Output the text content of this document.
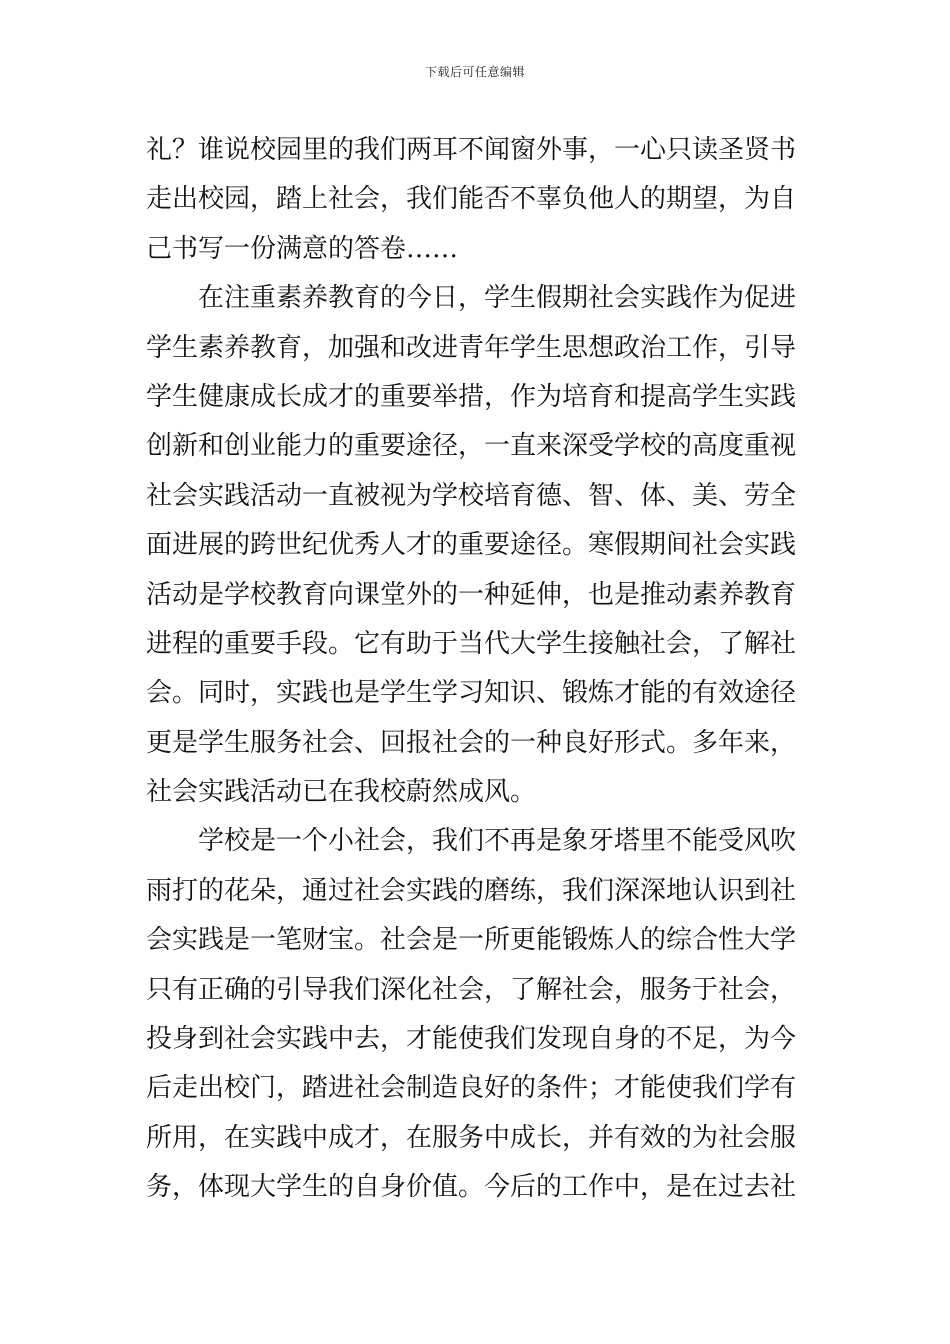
下载后可任意编辑
礼？谁说校园里的我们两耳不闻窗外事，一心只读圣贤书
走出校园，踏上社会，我们能否不辜负他人的期望，为自
己书写一份满意的答卷……
在注重素养教育的今日，学生假期社会实践作为促进
学生素养教育，加强和改进青年学生思想政治工作，引导
学生健康成长成才的重要举措，作为培育和提高学生实践
创新和创业能力的重要途径，一直来深受学校的高度重视
社会实践活动一直被视为学校培育德、智、体、美、劳全
面进展的跨世纪优秀人才的重要途径。寒假期间社会实践
活动是学校教育向课堂外的一种延伸，也是推动素养教育
进程的重要手段。它有助于当代大学生接触社会，了解社
会。同时，实践也是学生学习知识、锻炼才能的有效途径
更是学生服务社会、回报社会的一种良好形式。多年来，
社会实践活动已在我校蔚然成风。
学校是一个小社会，我们不再是象牙塔里不能受风吹
雨打的花朵，通过社会实践的磨练，我们深深地认识到社
会实践是一笔财宝。社会是一所更能锻炼人的综合性大学
只有正确的引导我们深化社会，了解社会，服务于社会，
投身到社会实践中去，才能使我们发现自身的不足，为今
后走出校门，踏进社会制造良好的条件；才能使我们学有
所用，在实践中成才，在服务中成长，并有效的为社会服
务，体现大学生的自身价值。今后的工作中，是在过去社
